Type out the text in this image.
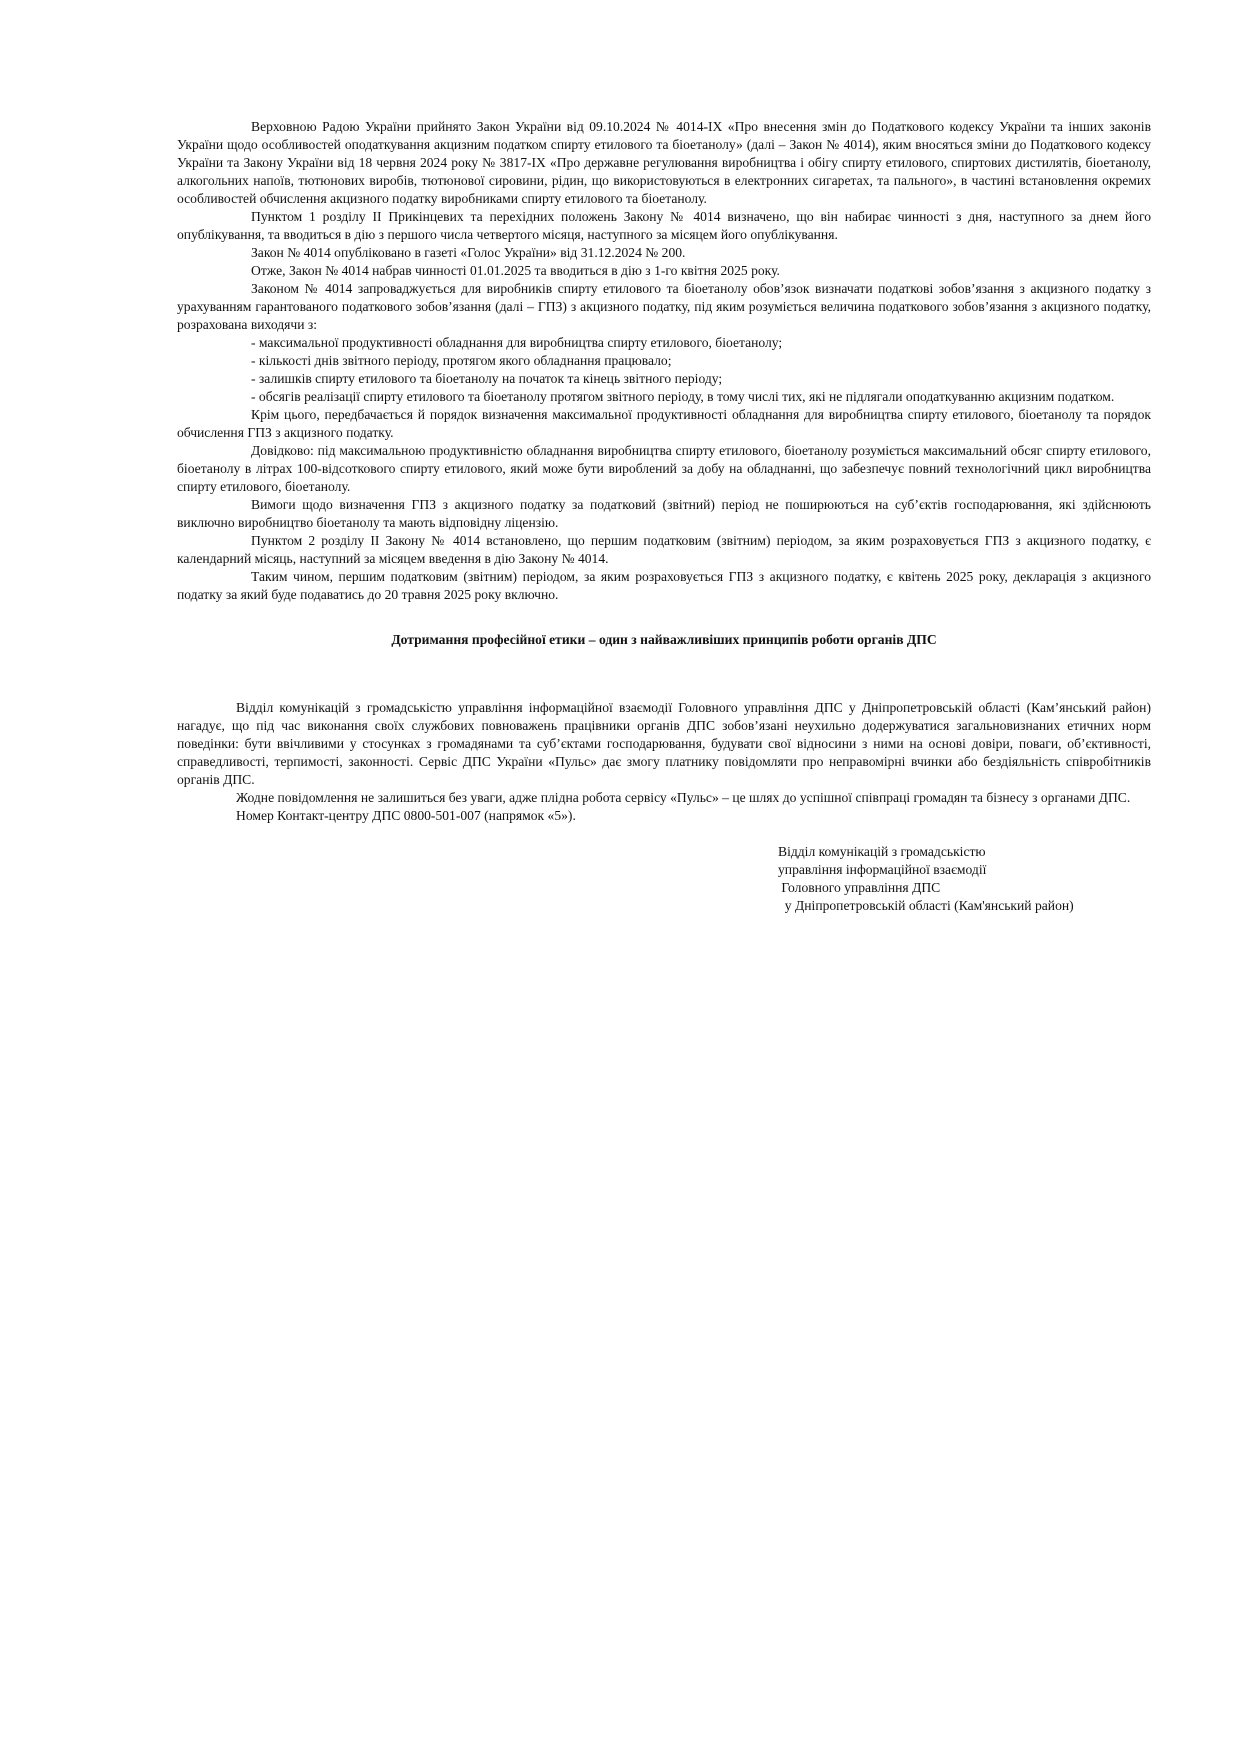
Верховною Радою України прийнято Закон України від 09.10.2024 № 4014-IX «Про внесення змін до Податкового кодексу України та інших законів України щодо особливостей оподаткування акцизним податком спирту етилового та біоетанолу» (далі – Закон № 4014), яким вносяться зміни до Податкового кодексу України та Закону України від 18 червня 2024 року № 3817-IX «Про державне регулювання виробництва і обігу спирту етилового, спиртових дистилятів, біоетанолу, алкогольних напоїв, тютюнових виробів, тютюнової сировини, рідин, що використовуються в електронних сигаретах, та пального», в частині встановлення окремих особливостей обчислення акцизного податку виробниками спирту етилового та біоетанолу.

Пунктом 1 розділу II Прикінцевих та перехідних положень Закону № 4014 визначено, що він набирає чинності з дня, наступного за днем його опублікування, та вводиться в дію з першого числа четвертого місяця, наступного за місяцем його опублікування.

Закон № 4014 опубліковано в газеті «Голос України» від 31.12.2024 № 200.

Отже, Закон № 4014 набрав чинності 01.01.2025 та вводиться в дію з 1-го квітня 2025 року.

Законом № 4014 запроваджується для виробників спирту етилового та біоетанолу обов’язок визначати податкові зобов’язання з акцизного податку з урахуванням гарантованого податкового зобов’язання (далі – ГПЗ) з акцизного податку, під яким розуміється величина податкового зобов’язання з акцизного податку, розрахована виходячи з:

- максимальної продуктивності обладнання для виробництва спирту етилового, біоетанолу;

- кількості днів звітного періоду, протягом якого обладнання працювало;

- залишків спирту етилового та біоетанолу на початок та кінець звітного періоду;

- обсягів реалізації спирту етилового та біоетанолу протягом звітного періоду, в тому числі тих, які не підлягали оподаткуванню акцизним податком.

Крім цього, передбачається й порядок визначення максимальної продуктивності обладнання для виробництва спирту етилового, біоетанолу та порядок обчислення ГПЗ з акцизного податку.

Довідково: під максимальною продуктивністю обладнання виробництва спирту етилового, біоетанолу розуміється максимальний обсяг спирту етилового, біоетанолу в літрах 100-відсоткового спирту етилового, який може бути вироблений за добу на обладнанні, що забезпечує повний технологічний цикл виробництва спирту етилового, біоетанолу.

Вимоги щодо визначення ГПЗ з акцизного податку за податковий (звітний) період не поширюються на суб’єктів господарювання, які здійснюють виключно виробництво біоетанолу та мають відповідну ліцензію.

Пунктом 2 розділу II Закону № 4014 встановлено, що першим податковим (звітним) періодом, за яким розраховується ГПЗ з акцизного податку, є календарний місяць, наступний за місяцем введення в дію Закону № 4014.

Таким чином, першим податковим (звітним) періодом, за яким розраховується ГПЗ з акцизного податку, є квітень 2025 року, декларація з акцизного податку за який буде подаватись до 20 травня 2025 року включно.

Дотримання професійної етики – один з найважливіших принципів роботи органів ДПС

Відділ комунікацій з громадськістю управління інформаційної взаємодії Головного управління ДПС у Дніпропетровській області (Кам’янський район) нагадує, що під час виконання своїх службових повноважень працівники органів ДПС зобов’язані неухильно додержуватися загальновизнаних етичних норм поведінки: бути ввічливими у стосунках з громадянами та суб’єктами господарювання, будувати свої відносини з ними на основі довіри, поваги, об’єктивності, справедливості, терпимості, законності. Сервіс ДПС України «Пульс» дає змогу платнику повідомляти про неправомірні вчинки або бездіяльність співробітників органів ДПС.

Жодне повідомлення не залишиться без уваги, адже плідна робота сервісу «Пульс» – це шлях до успішної співпраці громадян та бізнесу з органами ДПС.

Номер Контакт-центру ДПС 0800-501-007 (напрямок «5»).

Відділ комунікацій з громадськістю
управління інформаційної взаємодії
Головного управління ДПС
у Дніпропетровській області (Кам'янський район)
